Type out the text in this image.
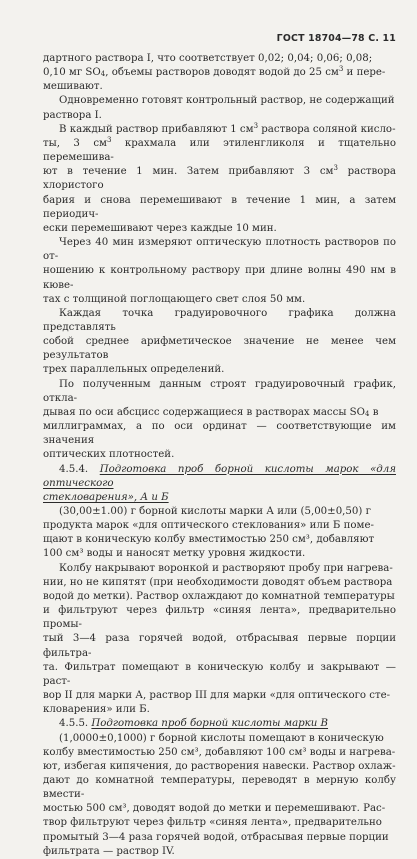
ГОСТ 18704—78 С. 11

дартного раствора I, что соответствует 0,02; 0,04; 0,06; 0,08;

0,10 мг SO4, объемы растворов доводят водой до 25 $см^3$ и пере-

мешивают.

Одновременно готовят контрольный раствор, не содержащий

раствора I.

В каждый раствор прибавляют 1 $см^3$ раствора соляной кисло-

ты, 3 $см^3$ крахмала или этиленгликоля и тщательно перемешива-

ют в течение 1 мин. Затем прибавляют 3 $см^3$ раствора хлористого

бария и снова перемешивают в течение 1 мин, а затем периодич-

ески перемешивают через каждые 10 мин.

Через 40 мин измеряют оптическую плотность растворов по от-

ношению к контрольному раствору при длине волны 490 нм в кюве-

тах с толщиной поглощающего свет слоя 50 мм.

Каждая точка градуировочного графика должна представлять

собой среднее арифметическое значение не менее чем результатов

трех параллельных определений.

По полученным данным строят градуировочный график, откла-

дывая по оси абсцисс содержащиеся в растворах массы SO4 в

миллиграммах, а по оси ординат — соответствующие им значения

оптических плотностей.

4.5.4. Подготовка проб борной кислоты марок «для оптического

стекловарения», А и Б

(30,00±1.00) г борной кислоты марки А или (5,00±0,50) г

продукта марок «для оптического стеклования» или Б поме-

щают в коническую колбу вместимостью 250 см³, добавляют

100 см³ воды и наносят метку уровня жидкости.

Колбу накрывают воронкой и растворяют пробу при нагрева-

нии, но не кипятят (при необходимости доводят объем раствора

водой до метки). Раствор охлаждают до комнатной температуры

и фильтруют через фильтр «синяя лента», предварительно промы-

тый 3—4 раза горячей водой, отбрасывая первые порции фильтра-

та. Фильтрат помещают в коническую колбу и закрывают — раст-

вор II для марки А, раствор III для марки «для оптического сте-

кловарения» или Б.

4.5.5. Подготовка проб борной кислоты марки В

(1,0000±0,1000) г борной кислоты помещают в коническую

колбу вместимостью 250 см³, добавляют 100 см³ воды и нагрева-

ют, избегая кипячения, до растворения навески. Раствор охлаж-

дают до комнатной температуры, переводят в мерную колбу вмести-

мостью 500 см³, доводят водой до метки и перемешивают. Рас-

твор фильтруют через фильтр «синяя лента», предварительно

промытый 3—4 раза горячей водой, отбрасывая первые порции

фильтрата — раствор IV.
